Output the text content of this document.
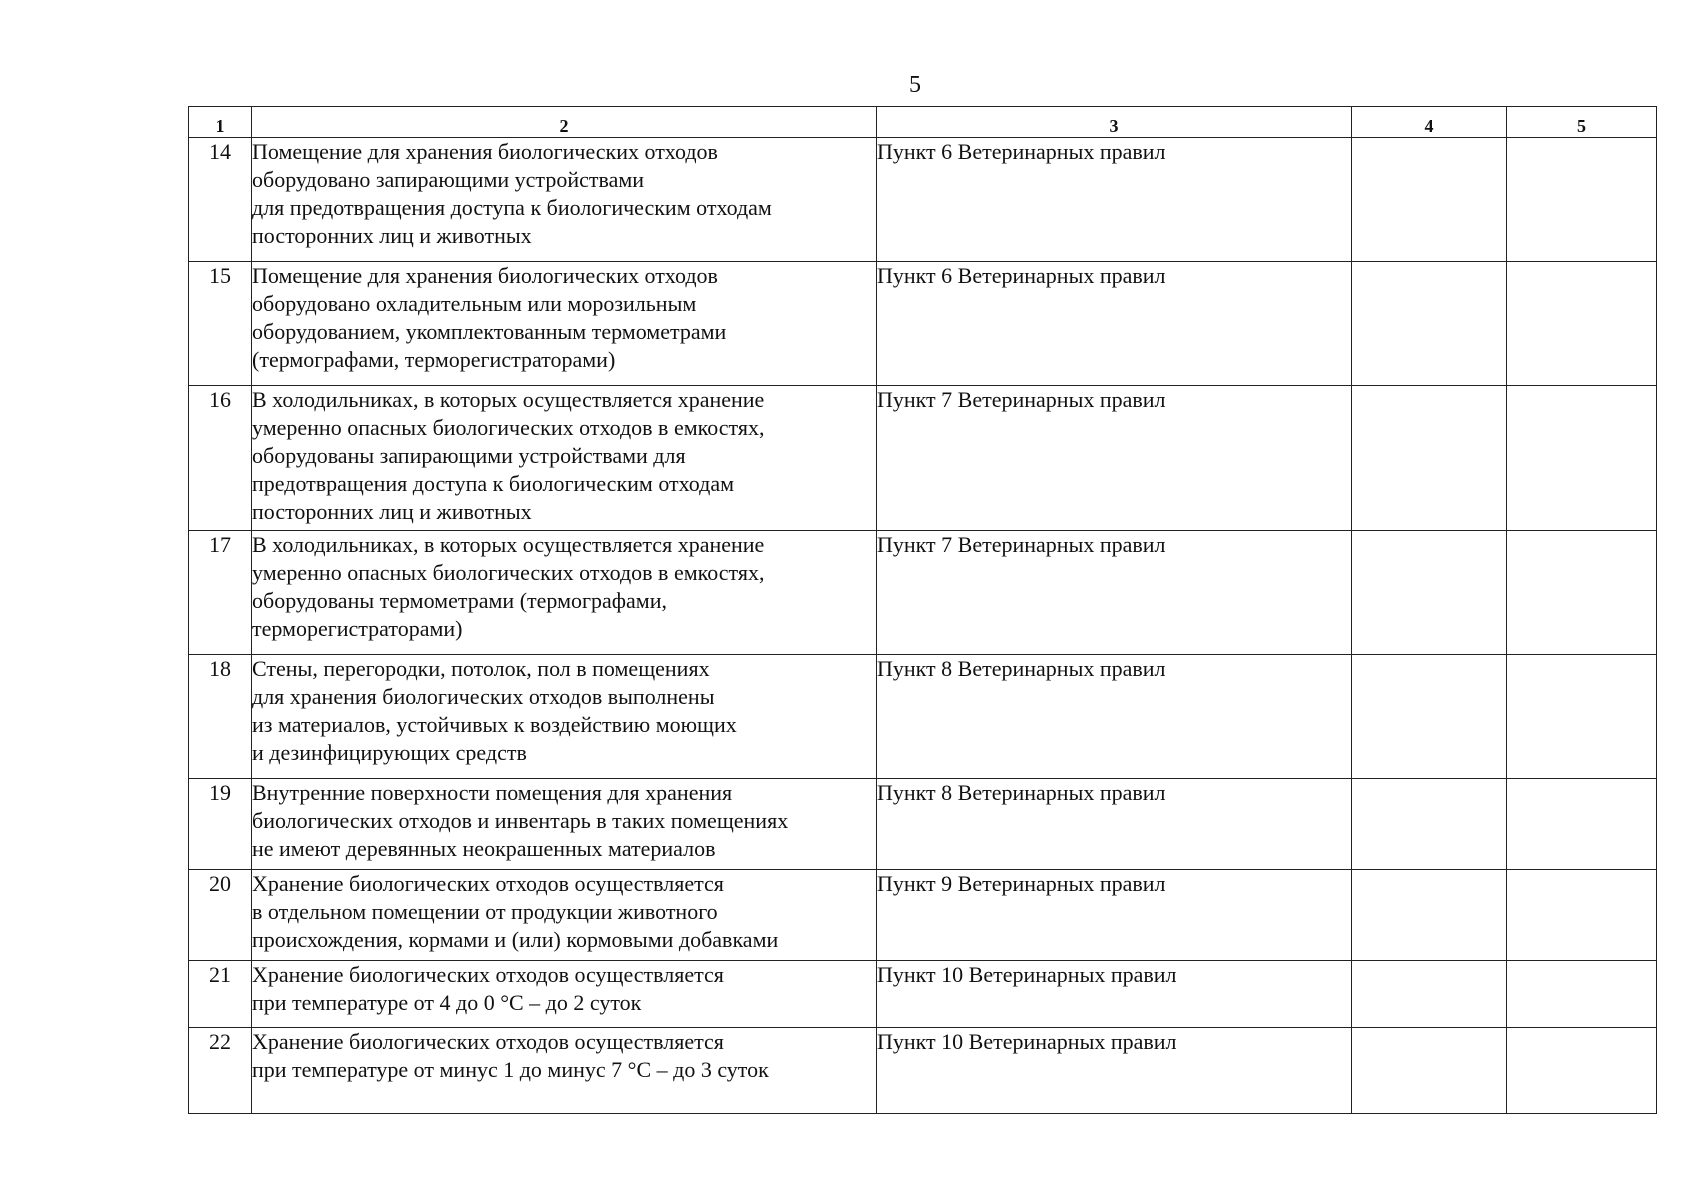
5
1	2	3	4	5
14	Помещение для хранения биологических отходов
оборудовано запирающими устройствами
для предотвращения доступа к биологическим отходам
посторонних лиц и животных	Пункт 6 Ветеринарных правил		
15	Помещение для хранения биологических отходов
оборудовано охладительным или морозильным
оборудованием, укомплектованным термометрами
(термографами, терморегистраторами)	Пункт 6 Ветеринарных правил		
16	В холодильниках, в которых осуществляется хранение
умеренно опасных биологических отходов в емкостях,
оборудованы запирающими устройствами для
предотвращения доступа к биологическим отходам
посторонних лиц и животных	Пункт 7 Ветеринарных правил		
17	В холодильниках, в которых осуществляется хранение
умеренно опасных биологических отходов в емкостях,
оборудованы термометрами (термографами,
терморегистраторами)	Пункт 7 Ветеринарных правил		
18	Стены, перегородки, потолок, пол в помещениях
для хранения биологических отходов выполнены
из материалов, устойчивых к воздействию моющих
и дезинфицирующих средств	Пункт 8 Ветеринарных правил		
19	Внутренние поверхности помещения для хранения
биологических отходов и инвентарь в таких помещениях
не имеют деревянных неокрашенных материалов	Пункт 8 Ветеринарных правил		
20	Хранение биологических отходов осуществляется
в отдельном помещении от продукции животного
происхождения, кормами и (или) кормовыми добавками	Пункт 9 Ветеринарных правил		
21	Хранение биологических отходов осуществляется
при температуре от 4 до 0 °С – до 2 суток	Пункт 10 Ветеринарных правил		
22	Хранение биологических отходов осуществляется
при температуре от минус 1 до минус 7 °С – до 3 суток	Пункт 10 Ветеринарных правил		
